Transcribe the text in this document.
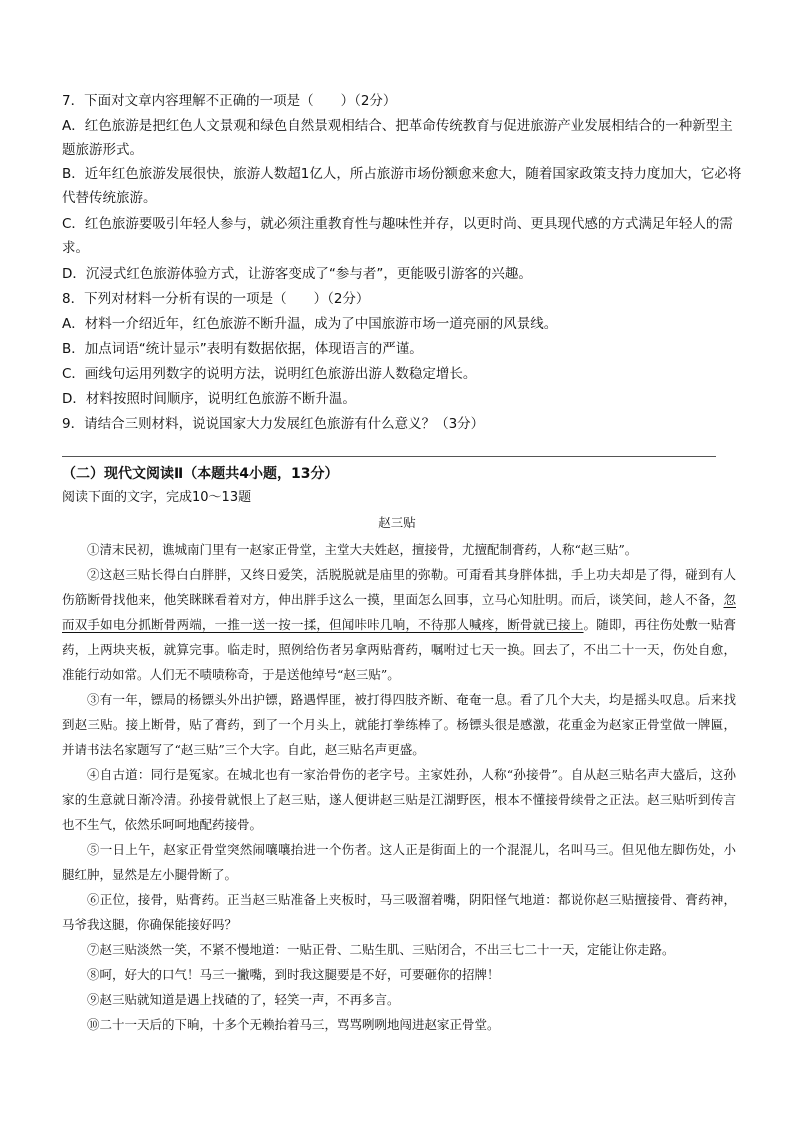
7．下面对文章内容理解不正确的一项是（　　）（2分）
A．红色旅游是把红色人文景观和绿色自然景观相结合、把革命传统教育与促进旅游产业发展相结合的一种新型主题旅游形式。
B．近年红色旅游发展很快，旅游人数超1亿人，所占旅游市场份额愈来愈大，随着国家政策支持力度加大，它必将代替传统旅游。
C．红色旅游要吸引年轻人参与，就必须注重教育性与趣味性并存，以更时尚、更具现代感的方式满足年轻人的需求。
D．沉浸式红色旅游体验方式，让游客变成了“参与者”，更能吸引游客的兴趣。
8．下列对材料一分析有误的一项是（　　）（2分）
A．材料一介绍近年，红色旅游不断升温，成为了中国旅游市场一道亮丽的风景线。
B．加点词语“统计显示”表明有数据依据，体现语言的严谨。
C．画线句运用列数字的说明方法，说明红色旅游出游人数稳定增长。
D．材料按照时间顺序，说明红色旅游不断升温。
9．请结合三则材料，说说国家大力发展红色旅游有什么意义？（3分）
（二）现代文阅读Ⅱ（本题共4小题，13分）
阅读下面的文字，完成10～13题
赵三贴

①清末民初，谯城南门里有一赵家正骨堂，主堂大夫姓赵，擅接骨，尤擅配制膏药，人称“赵三贴”。

②这赵三贴长得白白胖胖，又终日爱笑，活脱脱就是庙里的弥勒。可甭看其身胖体拙，手上功夫却是了得，碰到有人伤筋断骨找他来，他笑眯眯看着对方，伸出胖手这么一摸，里面怎么回事，立马心知肚明。而后，谈笑间，趁人不备，忽而双手如电分抓断骨两端，一推一送一按一揉，但闻咔咔几响，不待那人喊疼，断骨就已接上。随即，再往伤处敷一贴膏药，上两块夹板，就算完事。临走时，照例给伤者另拿两贴膏药，嘱咐过七天一换。回去了，不出二十一天，伤处自愈，准能行动如常。人们无不啧啧称奇，于是送他绰号“赵三贴”。

③有一年，镖局的杨镖头外出护镖，路遇悍匪，被打得四肢齐断、奄奄一息。看了几个大夫，均是摇头叹息。后来找到赵三贴。接上断骨，贴了膏药，到了一个月头上，就能打拳练棒了。杨镖头很是感激，花重金为赵家正骨堂做一牌匾，并请书法名家题写了“赵三贴”三个大字。自此，赵三贴名声更盛。

④自古道：同行是冤家。在城北也有一家治骨伤的老字号。主家姓孙，人称“孙接骨”。自从赵三贴名声大盛后，这孙家的生意就日渐冷清。孙接骨就恨上了赵三贴，遂人便讲赵三贴是江湖野医，根本不懂接骨续骨之正法。赵三贴听到传言也不生气，依然乐呵呵地配药接骨。

⑤一日上午，赵家正骨堂突然闹嚷嚷抬进一个伤者。这人正是街面上的一个混混儿，名叫马三。但见他左脚伤处，小腿红肿，显然是左小腿骨断了。

⑥正位，接骨，贴膏药。正当赵三贴准备上夹板时，马三吸溜着嘴，阴阳怪气地道：都说你赵三贴擅接骨、膏药神，马爷我这腿，你确保能接好吗？

⑦赵三贴淡然一笑，不紧不慢地道：一贴正骨、二贴生肌、三贴闭合，不出三七二十一天，定能让你走路。

⑧呵，好大的口气！马三一撇嘴，到时我这腿要是不好，可要砸你的招牌！

⑨赵三贴就知道是遇上找碴的了，轻笑一声，不再多言。

⑩二十一天后的下晌，十多个无赖抬着马三，骂骂咧咧地闯进赵家正骨堂。
